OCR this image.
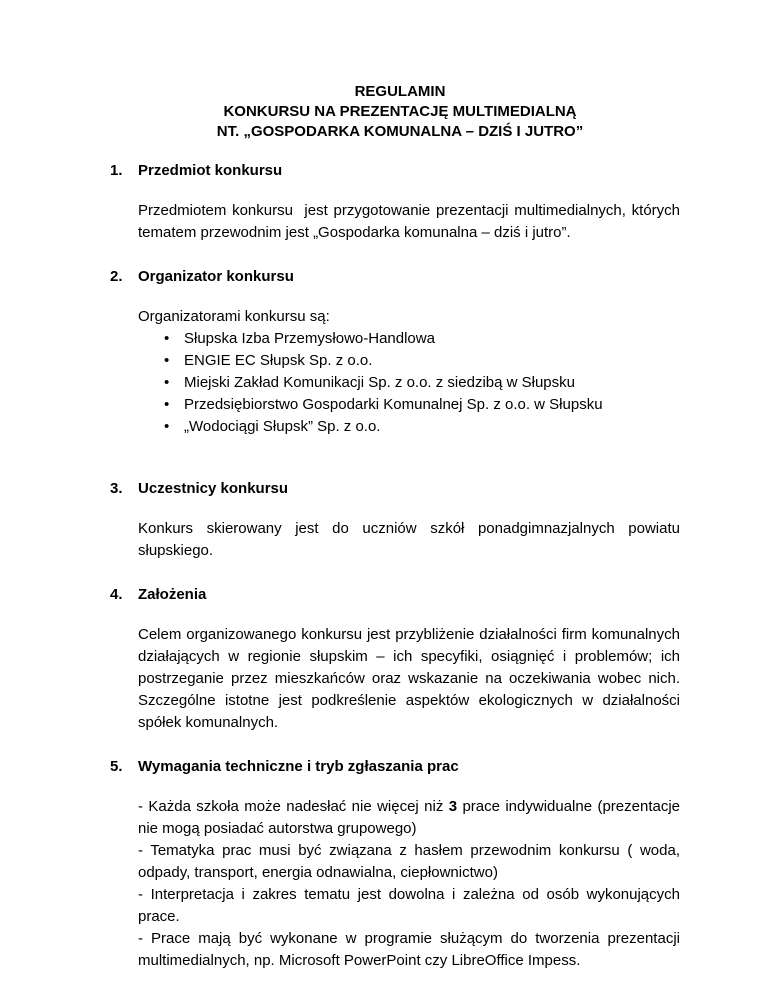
REGULAMIN
KONKURSU NA PREZENTACJĘ MULTIMEDIALNĄ
NT. „GOSPODARKA KOMUNALNA – DZIŚ I JUTRO”
1. Przedmiot konkursu
Przedmiotem konkursu  jest przygotowanie prezentacji multimedialnych, których tematem przewodnim jest „Gospodarka komunalna – dziś i jutro”.
2. Organizator konkursu
Organizatorami konkursu są:
• Słupska Izba Przemysłowo-Handlowa
• ENGIE EC Słupsk Sp. z o.o.
• Miejski Zakład Komunikacji Sp. z o.o. z siedzibą w Słupsku
• Przedsiębiorstwo Gospodarki Komunalnej Sp. z o.o. w Słupsku
• „Wodociągi Słupsk” Sp. z o.o.
3. Uczestnicy konkursu
Konkurs skierowany jest do uczniów szkół ponadgimnazjalnych powiatu słupskiego.
4. Założenia
Celem organizowanego konkursu jest przybliżenie działalności firm komunalnych działających w regionie słupskim – ich specyfiki, osiągnięć i problemów; ich postrzeganie przez mieszkańców oraz wskazanie na oczekiwania wobec nich. Szczególne istotne jest podkreślenie aspektów ekologicznych w działalności spółek komunalnych.
5. Wymagania techniczne i tryb zgłaszania prac
- Każda szkoła może nadesłać nie więcej niż 3 prace indywidualne (prezentacje nie mogą posiadać autorstwa grupowego)
- Tematyka prac musi być związana z hasłem przewodnim konkursu ( woda, odpady, transport, energia odnawialna, ciepłownictwo)
- Interpretacja i zakres tematu jest dowolna i zależna od osób wykonujących prace.
- Prace mają być wykonane w programie służącym do tworzenia prezentacji multimedialnych, np. Microsoft PowerPoint czy LibreOffice Impess.
